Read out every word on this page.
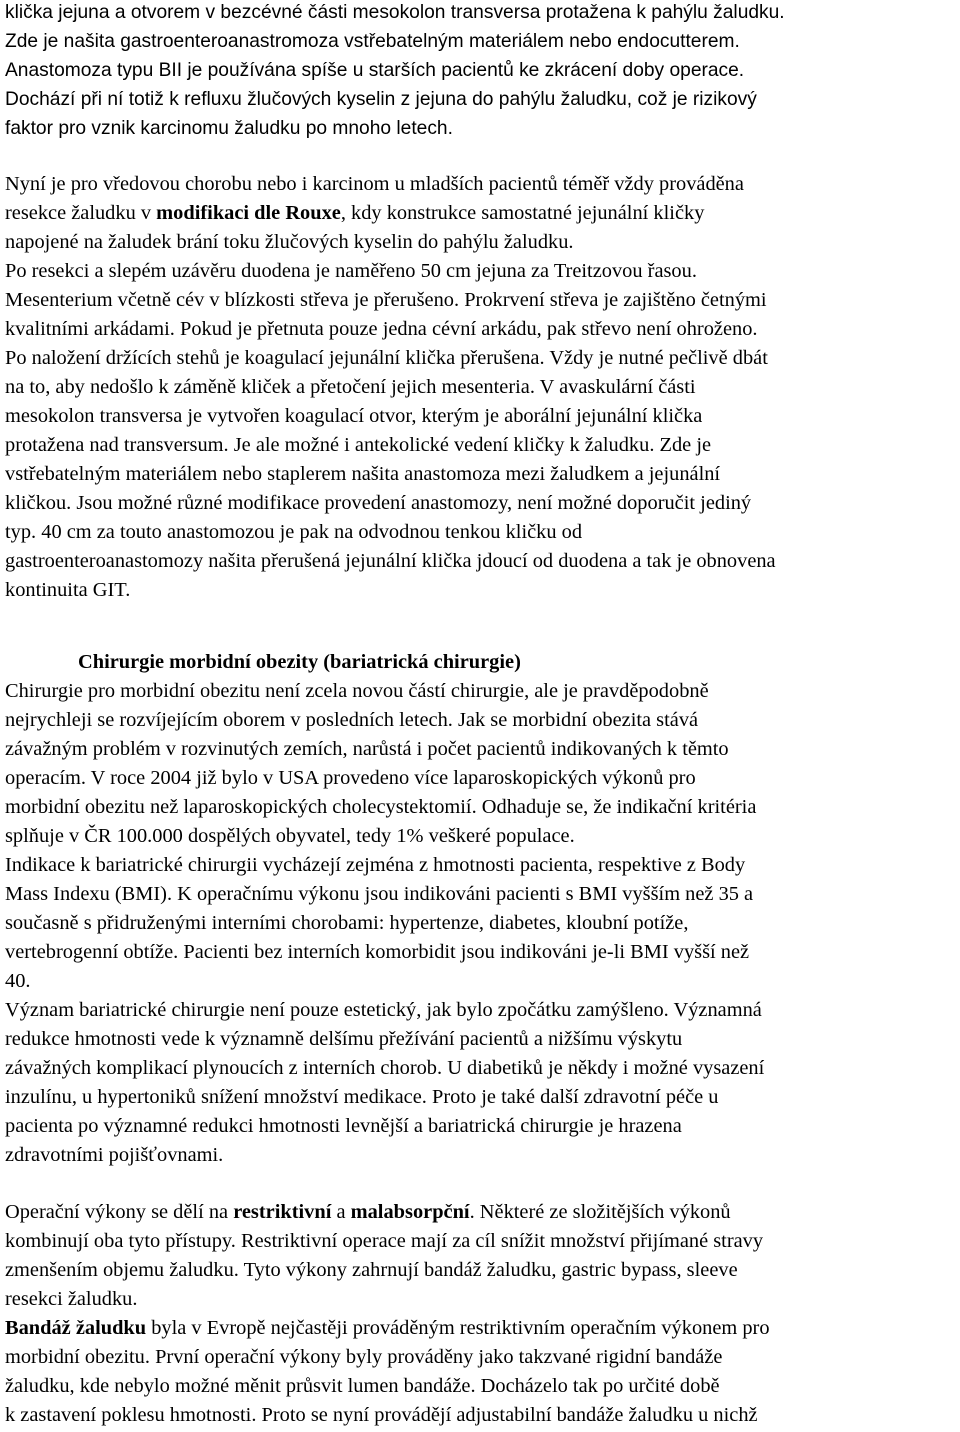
klička jejuna a otvorem v bezcévné části mesokolon transversa protažena k pahýlu žaludku.
Zde je našita gastroenteroanastromoza vstřebatelným materiálem nebo endocutterem.
Anastomoza typu BII je používána spíše u starších pacientů ke zkrácení doby operace.
Dochází při ní totiž k refluxu žlučových kyselin z jejuna do pahýlu žaludku, což je rizikový
faktor pro vznik karcinomu žaludku po mnoho letech.
Nyní je pro vředovou chorobu nebo i karcinom u mladších pacientů téměř vždy prováděna
resekce žaludku v modifikaci dle Rouxe, kdy konstrukce samostatné jejunální kličky
napojené na žaludek brání toku žlučových kyselin do pahýlu žaludku.
Po resekci a slepém uzávěru duodena je naměřeno 50 cm jejuna za Treitzovou řasou.
Mesenterium včetně cév v blízkosti střeva je přerušeno. Prokrvení střeva je zajištěno četnými
kvalitními arkádami. Pokud je přetnuta pouze jedna cévní arkádu, pak střevo není ohroženo.
Po naložení držících stehů je koagulací jejunální klička přerušena. Vždy je nutné pečlivě dbát
na to, aby nedošlo k záměně kliček a přetočení jejich mesenteria. V avaskulární části
mesokolon transversa je vytvořen koagulací otvor, kterým je aborální jejunální klička
protažena nad transversum. Je ale možné i antekolické vedení kličky k žaludku. Zde je
vstřebatelným materiálem nebo staplerem našita anastomoza mezi žaludkem a jejunální
kličkou. Jsou možné různé modifikace provedení anastomozy, není možné doporučit jediný
typ. 40 cm za touto anastomozou je pak na odvodnou tenkou kličku od
gastroenteroanastomozy našita přerušená jejunální klička jdoucí od duodena a tak je obnovena
kontinuita GIT.
Chirurgie morbidní obezity (bariatrická chirurgie)
Chirurgie pro morbidní obezitu není zcela novou částí chirurgie, ale je pravděpodobně
nejrychleji se rozvíjejícím oborem v posledních letech. Jak se morbidní obezita stává
závažným problém v rozvinutých zemích, narůstá i počet pacientů indikovaných k těmto
operacím. V roce 2004 již bylo v USA provedeno více laparoskopických výkonů pro
morbidní obezitu než laparoskopických cholecystektomií. Odhaduje se, že indikační kritéria
splňuje v ČR 100.000 dospělých obyvatel, tedy 1% veškeré populace.
Indikace k bariatrické chirurgii vycházejí zejména z hmotnosti pacienta, respektive z Body
Mass Indexu (BMI). K operačnímu výkonu jsou indikováni pacienti s BMI vyšším než 35 a
současně s přidruženými interními chorobami: hypertenze, diabetes, kloubní potíže,
vertebrogenní obtíže. Pacienti bez interních komorbidit jsou indikováni je-li BMI vyšší než
40.
Význam bariatrické chirurgie není pouze estetický, jak bylo zpočátku zamýšleno. Významná
redukce hmotnosti vede k významně delšímu přežívání pacientů a nižšímu výskytu
závažných komplikací plynoucích z interních chorob. U diabetiků je někdy i možné vysazení
inzulínu, u hypertoniků snížení množství medikace. Proto je také další zdravotní péče u
pacienta po významné redukci hmotnosti levnější a bariatrická chirurgie je hrazena
zdravotními pojišťovnami.
Operační výkony se dělí na restriktivní a malabsorpční. Některé ze složitějších výkonů
kombinují oba tyto přístupy. Restriktivní operace mají za cíl snížit množství přijímané stravy
zmenšením objemu žaludku. Tyto výkony zahrnují bandáž žaludku, gastric bypass, sleeve
resekci žaludku.
Bandáž žaludku byla v Evropě nejčastěji prováděným restriktivním operačním výkonem pro
morbidní obezitu. První operační výkony byly prováděny jako takzvané rigidní bandáže
žaludku, kde nebylo možné měnit průsvit lumen bandáže. Docházelo tak po určité době
k zastavení poklesu hmotnosti. Proto se nyní provádějí adjustabilní bandáže žaludku u nichž
